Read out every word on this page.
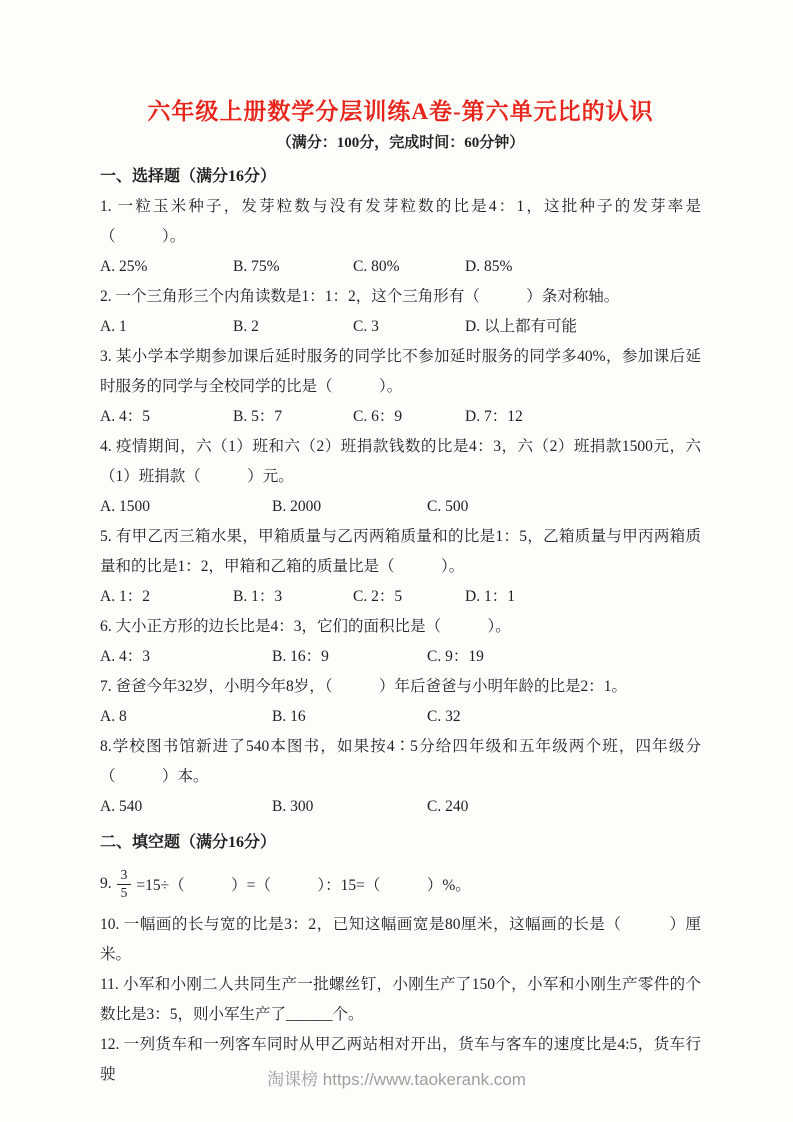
六年级上册数学分层训练A卷-第六单元比的认识

（满分：100分，完成时间：60分钟）

一、选择题（满分16分）

1. 一粒玉米种子，发芽粒数与没有发芽粒数的比是4：1，这批种子的发芽率是（　　　）。

A. 25%	B. 75%	C. 80%	D. 85%

2. 一个三角形三个内角读数是1：1：2，这个三角形有（　　　）条对称轴。

A. 1	B. 2	C. 3	D. 以上都有可能

3. 某小学本学期参加课后延时服务的同学比不参加延时服务的同学多40%，参加课后延时服务的同学与全校同学的比是（　　　）。

A. 4：5	B. 5：7	C. 6：9	D. 7：12

4. 疫情期间，六（1）班和六（2）班捐款钱数的比是4：3，六（2）班捐款1500元，六（1）班捐款（　　　）元。

A. 1500	B. 2000	C. 500

5. 有甲乙丙三箱水果，甲箱质量与乙丙两箱质量和的比是1：5，乙箱质量与甲丙两箱质量和的比是1：2，甲箱和乙箱的质量比是（　　　）。

A. 1：2	B. 1：3	C. 2：5	D. 1：1

6. 大小正方形的边长比是4：3，它们的面积比是（　　　）。

A. 4：3	B. 16：9	C. 9：19

7. 爸爸今年32岁，小明今年8岁，（　　　）年后爸爸与小明年龄的比是2：1。

A. 8	B. 16	C. 32

8.学校图书馆新进了540本图书，如果按4∶5分给四年级和五年级两个班，四年级分（　　　）本。

A. 540	B. 300	C. 240
二、填空题（满分16分）
9. $\frac{3}{5} =15\div$（　　　）=（　　　）：15=（　　　）%。

10. 一幅画的长与宽的比是3：2，已知这幅画宽是80厘米，这幅画的长是（　　　）厘米。

11. 小军和小刚二人共同生产一批螺丝钉，小刚生产了150个，小军和小刚生产零件的个数比是3：5，则小军生产了______个。

12. 一列货车和一列客车同时从甲乙两站相对开出，货车与客车的速度比是4:5，货车行驶	淘课榜 https://www.taokerank.com
